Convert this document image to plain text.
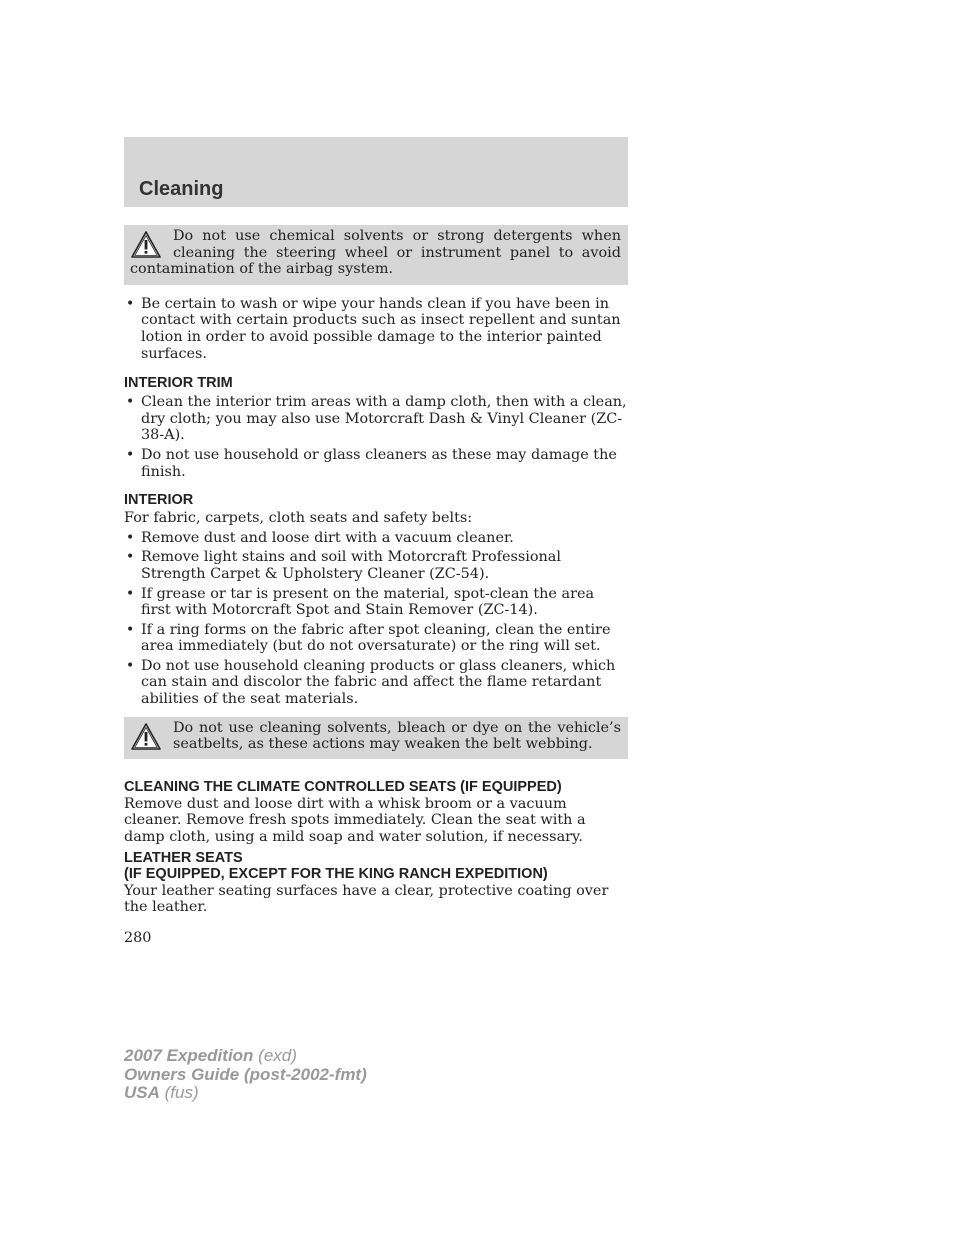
Cleaning
Do not use chemical solvents or strong detergents when cleaning the steering wheel or instrument panel to avoid contamination of the airbag system.
• Be certain to wash or wipe your hands clean if you have been in contact with certain products such as insect repellent and suntan lotion in order to avoid possible damage to the interior painted surfaces.
INTERIOR TRIM
• Clean the interior trim areas with a damp cloth, then with a clean, dry cloth; you may also use Motorcraft Dash & Vinyl Cleaner (ZC-38-A).
• Do not use household or glass cleaners as these may damage the finish.
INTERIOR
For fabric, carpets, cloth seats and safety belts:
• Remove dust and loose dirt with a vacuum cleaner.
• Remove light stains and soil with Motorcraft Professional Strength Carpet & Upholstery Cleaner (ZC-54).
• If grease or tar is present on the material, spot-clean the area first with Motorcraft Spot and Stain Remover (ZC-14).
• If a ring forms on the fabric after spot cleaning, clean the entire area immediately (but do not oversaturate) or the ring will set.
• Do not use household cleaning products or glass cleaners, which can stain and discolor the fabric and affect the flame retardant abilities of the seat materials.
Do not use cleaning solvents, bleach or dye on the vehicle’s seatbelts, as these actions may weaken the belt webbing.
CLEANING THE CLIMATE CONTROLLED SEATS (IF EQUIPPED)
Remove dust and loose dirt with a whisk broom or a vacuum cleaner. Remove fresh spots immediately. Clean the seat with a damp cloth, using a mild soap and water solution, if necessary.
LEATHER SEATS
(IF EQUIPPED, EXCEPT FOR THE KING RANCH EXPEDITION)
Your leather seating surfaces have a clear, protective coating over the leather.
280
2007 Expedition (exd)
Owners Guide (post-2002-fmt)
USA (fus)
